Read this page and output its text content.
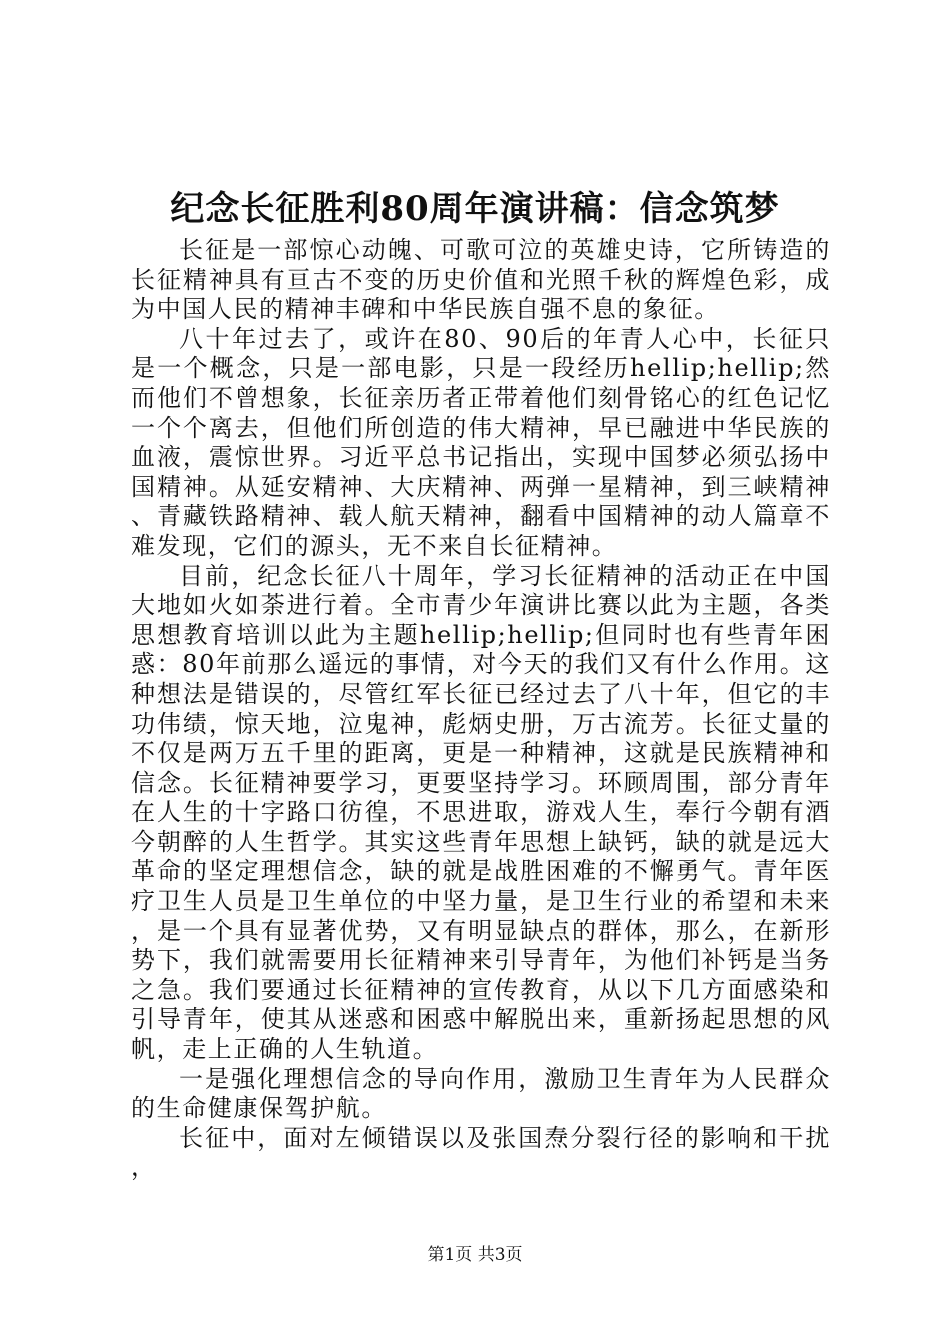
纪念长征胜利80周年演讲稿：信念筑梦

长征是一部惊心动魄、可歌可泣的英雄史诗，它所铸造的长征精神具有亘古不变的历史价值和光照千秋的辉煌色彩，成为中国人民的精神丰碑和中华民族自强不息的象征。

八十年过去了，或许在80、90后的年青人心中，长征只是一个概念，只是一部电影，只是一段经历hellip;hellip;然而他们不曾想象，长征亲历者正带着他们刻骨铭心的红色记忆一个个离去，但他们所创造的伟大精神，早已融进中华民族的血液，震惊世界。习近平总书记指出，实现中国梦必须弘扬中国精神。从延安精神、大庆精神、两弹一星精神，到三峡精神、青藏铁路精神、载人航天精神，翻看中国精神的动人篇章不难发现，它们的源头，无不来自长征精神。

目前，纪念长征八十周年，学习长征精神的活动正在中国大地如火如荼进行着。全市青少年演讲比赛以此为主题，各类思想教育培训以此为主题hellip;hellip;但同时也有些青年困惑：80年前那么遥远的事情，对今天的我们又有什么作用。这种想法是错误的，尽管红军长征已经过去了八十年，但它的丰功伟绩，惊天地，泣鬼神，彪炳史册，万古流芳。长征丈量的不仅是两万五千里的距离，更是一种精神，这就是民族精神和信念。长征精神要学习，更要坚持学习。环顾周围，部分青年在人生的十字路口彷徨，不思进取，游戏人生，奉行今朝有酒今朝醉的人生哲学。其实这些青年思想上缺钙，缺的就是远大革命的坚定理想信念，缺的就是战胜困难的不懈勇气。青年医疗卫生人员是卫生单位的中坚力量，是卫生行业的希望和未来，是一个具有显著优势，又有明显缺点的群体，那么，在新形势下，我们就需要用长征精神来引导青年，为他们补钙是当务之急。我们要通过长征精神的宣传教育，从以下几方面感染和引导青年，使其从迷惑和困惑中解脱出来，重新扬起思想的风帆，走上正确的人生轨道。

一是强化理想信念的导向作用，激励卫生青年为人民群众的生命健康保驾护航。

长征中，面对左倾错误以及张国焘分裂行径的影响和干扰，

第1页 共3页
